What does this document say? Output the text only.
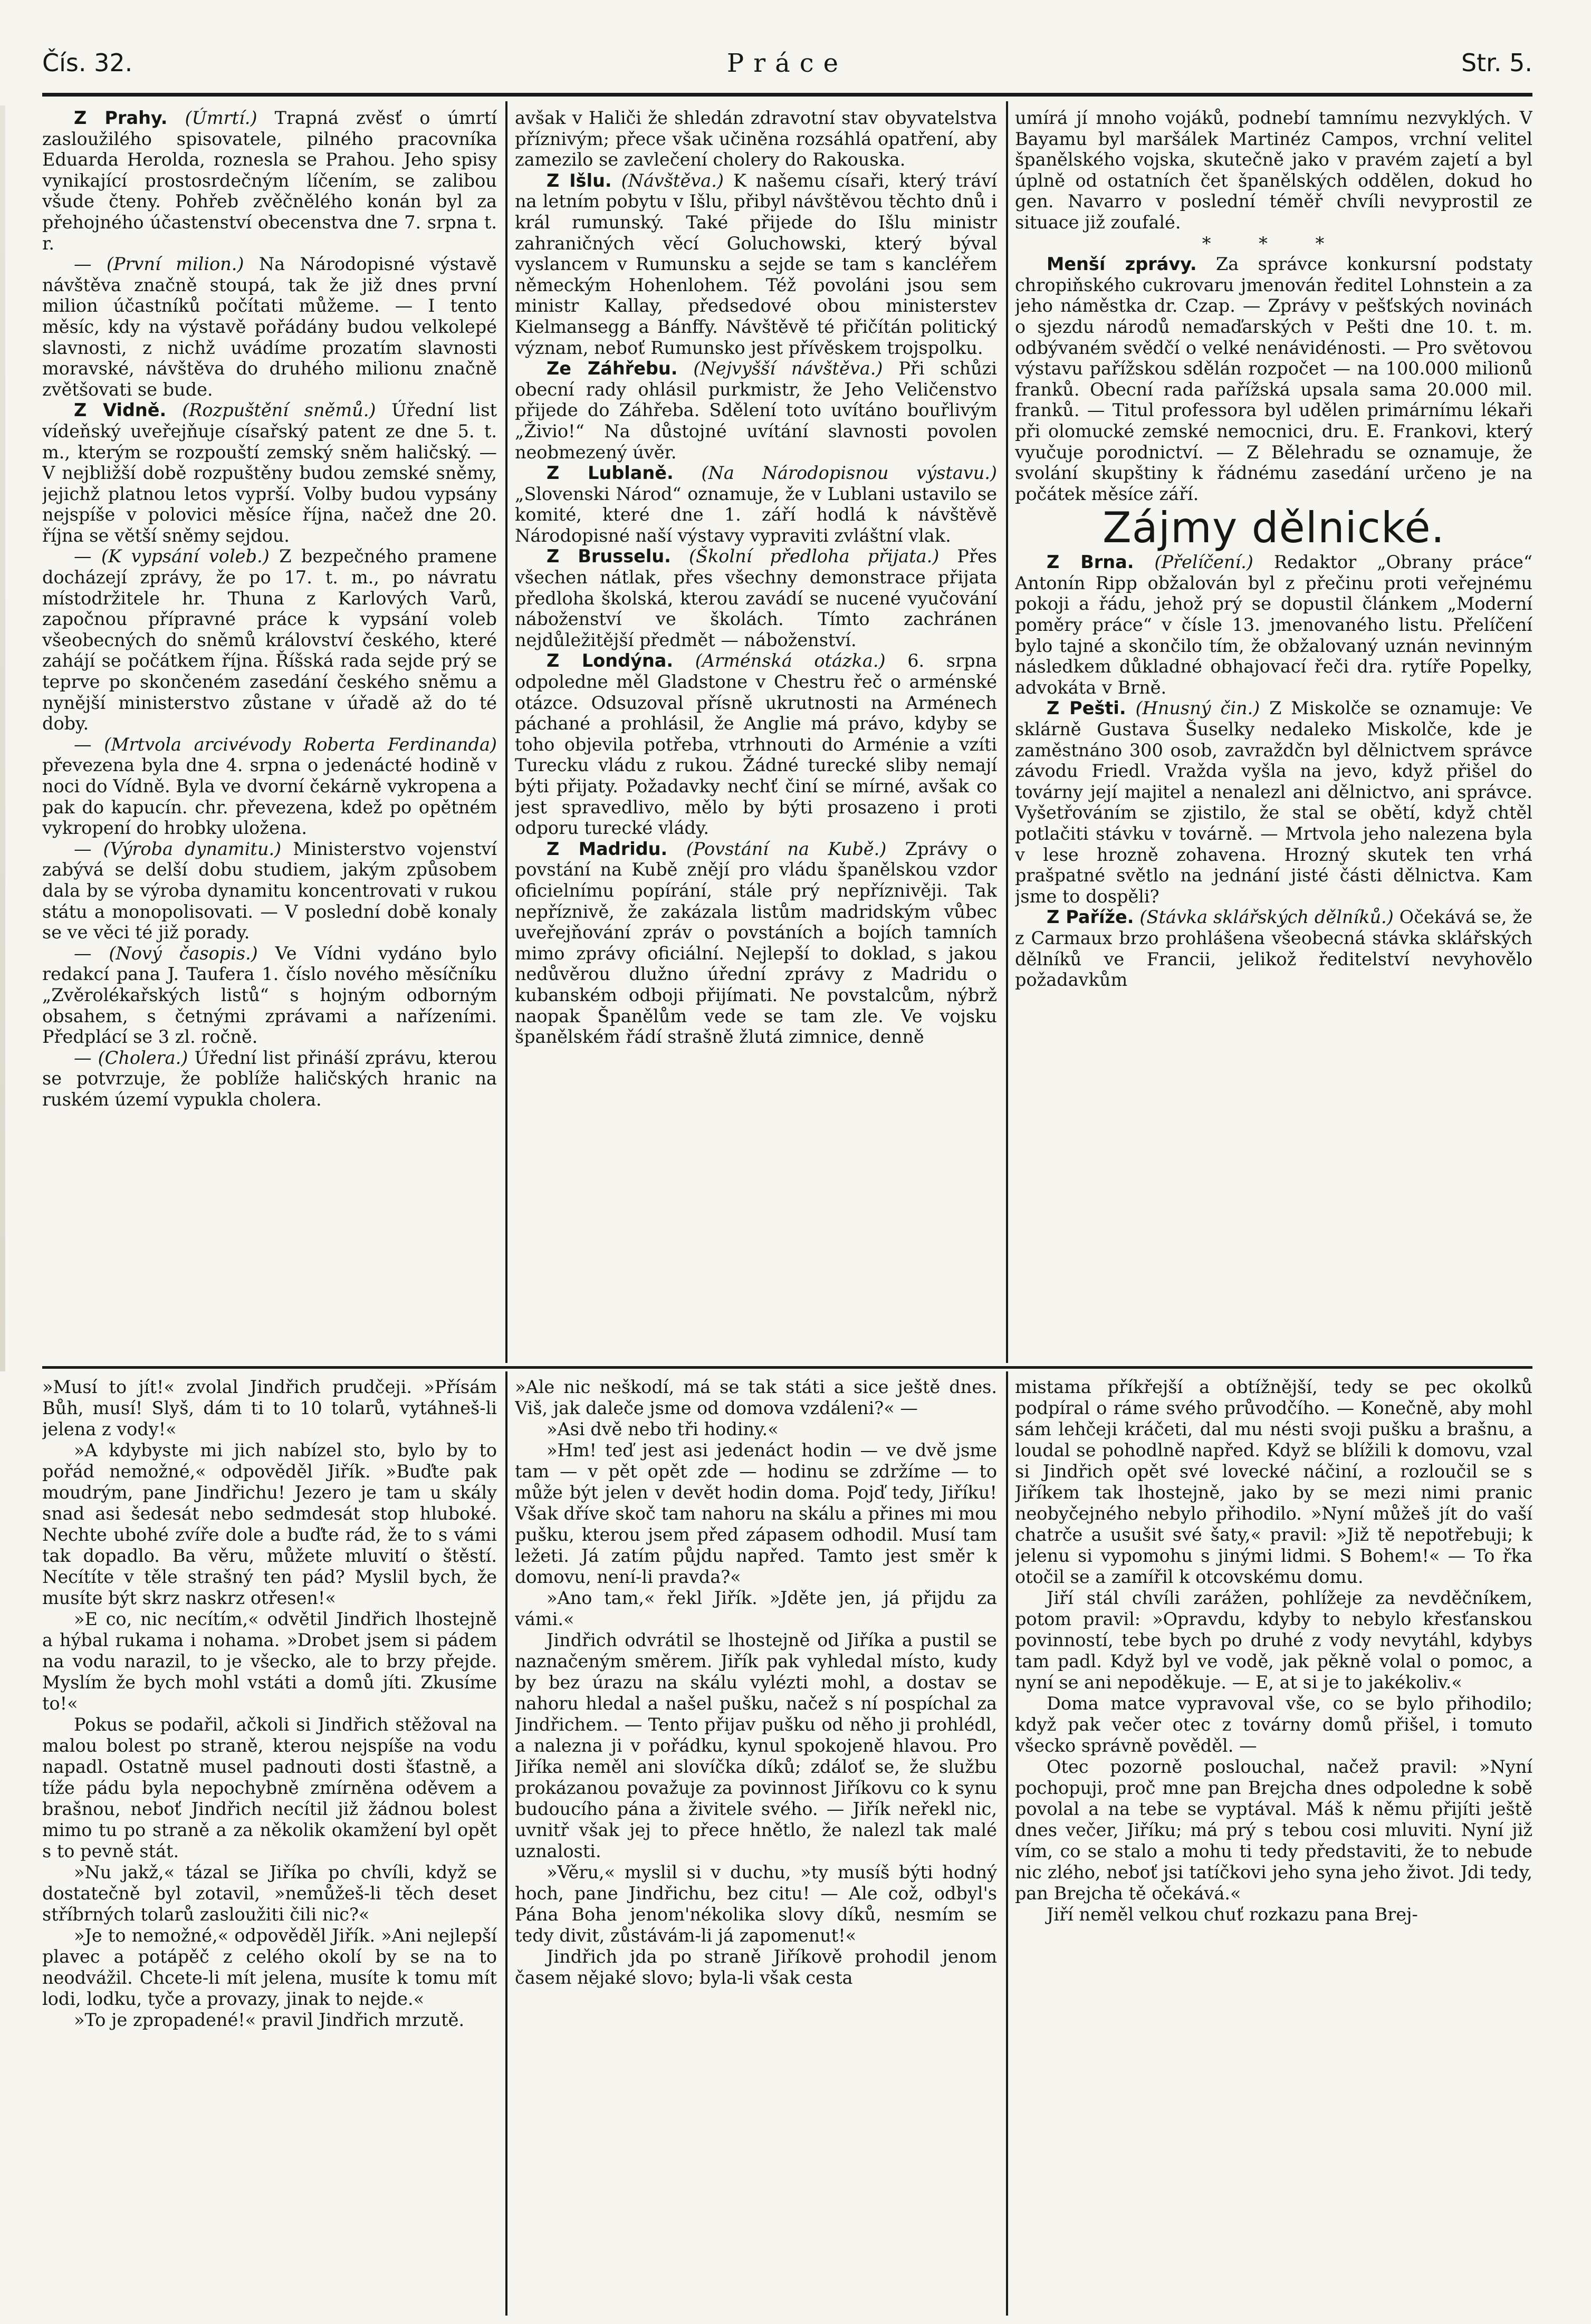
Čís. 32.	Práce	Str. 5.

Z Prahy. (Úmrtí.) Trapná zvěsť o úmrtí zasloužilého spisovatele, pilného pracovníka Eduarda Herolda, roznesla se Prahou. Jeho spisy vynikající prostosrdečným líčením, se zalibou všude čteny. Pohřeb zvěčnělého konán byl za přehojného účastenství obecenstva dne 7. srpna t. r.

— (První milion.) Na Národopisné výstavě návštěva značně stoupá, tak že již dnes první milion účastníků počítati můžeme. — I tento měsíc, kdy na výstavě pořádány budou velkolepé slavnosti, z nichž uvádíme prozatím slavnosti moravské, návštěva do druhého milionu značně zvětšovati se bude.

Z Vidně. (Rozpuštění sněmů.) Úřední list vídeňský uveřejňuje císařský patent ze dne 5. t. m., kterým se rozpouští zemský sněm haličský. — V nejbližší době rozpuštěny budou zemské sněmy, jejichž platnou letos vyprší. Volby budou vypsány nejspíše v polovici měsíce října, načež dne 20. října se větší sněmy sejdou.

— (K vypsání voleb.) Z bezpečného pramene docházejí zprávy, že po 17. t. m., po návratu místodržitele hr. Thuna z Karlových Varů, započnou přípravné práce k vypsání voleb všeobecných do sněmů království českého, které zahájí se počátkem října. Říšská rada sejde prý se teprve po skončeném zasedání českého sněmu a nynější ministerstvo zůstane v úřadě až do té doby.

— (Mrtvola arcivévody Roberta Ferdinanda) převezena byla dne 4. srpna o jedenácté hodině v noci do Vídně. Byla ve dvorní čekárně vykropena a pak do kapucín. chr. převezena, kdež po opětném vykropení do hrobky uložena.

— (Výroba dynamitu.) Ministerstvo vojenství zabývá se delší dobu studiem, jakým způsobem dala by se výroba dynamitu koncentrovati v rukou státu a monopolisovati. — V poslední době konaly se ve věci té již porady.

— (Nový časopis.) Ve Vídni vydáno bylo redakcí pana J. Taufera 1. číslo nového měsíčníku „Zvěrolékařských listů“ s hojným odborným obsahem, s četnými zprávami a nařízeními. Předplácí se 3 zl. ročně.

— (Cholera.) Úřední list přináší zprávu, kterou se potvrzuje, že poblíže haličských hranic na ruském území vypukla cholera.

avšak v Haliči že shledán zdravotní stav obyvatelstva příznivým; přece však učiněna rozsáhlá opatření, aby zamezilo se zavlečení cholery do Rakouska.

Z Išlu. (Návštěva.) K našemu císaři, který tráví na letním pobytu v Išlu, přibyl návštěvou těchto dnů i král rumunský. Také přijede do Išlu ministr zahraničných věcí Goluchowski, který býval vyslancem v Rumunsku a sejde se tam s kancléřem německým Hohenlohem. Též povoláni jsou sem ministr Kallay, předsedové obou ministerstev Kielmansegg a Bánffy. Návštěvě té přičítán politický význam, neboť Rumunsko jest přívěskem trojspolku.

Ze Záhřebu. (Nejvyšší návštěva.) Při schůzi obecní rady ohlásil purkmistr, že Jeho Veličenstvo přijede do Záhřeba. Sdělení toto uvítáno bouřlivým „Živio!“ Na důstojné uvítání slavnosti povolen neobmezený úvěr.

Z Lublaně. (Na Národopisnou výstavu.) „Slovenski Národ“ oznamuje, že v Lublani ustavilo se komité, které dne 1. září hodlá k návštěvě Národopisné naší výstavy vypraviti zvláštní vlak.

Z Brusselu. (Školní předloha přijata.) Přes všechen nátlak, přes všechny demonstrace přijata předloha školská, kterou zavádí se nucené vyučování náboženství ve školách. Tímto zachránen nejdůležitější předmět — náboženství.

Z Londýna. (Arménská otázka.) 6. srpna odpoledne měl Gladstone v Chestru řeč o arménské otázce. Odsuzoval přísně ukrutnosti na Arménech páchané a prohlásil, že Anglie má právo, kdyby se toho objevila potřeba, vtrhnouti do Arménie a vzíti Turecku vládu z rukou. Žádné turecké sliby nemají býti přijaty. Požadavky nechť činí se mírné, avšak co jest spravedlivo, mělo by býti prosazeno i proti odporu turecké vlády.

Z Madridu. (Povstání na Kubě.) Zprávy o povstání na Kubě znějí pro vládu španělskou vzdor oficielnímu popírání, stále prý nepříznivěji. Tak nepříznivě, že zakázala listům madridským vůbec uveřejňování zpráv o povstáních a bojích tamních mimo zprávy oficiální. Nejlepší to doklad, s jakou nedůvěrou dlužno úřední zprávy z Madridu o kubanském odboji přijímati. Ne povstalcům, nýbrž naopak Španělům vede se tam zle. Ve vojsku španělském řádí strašně žlutá zimnice, denně

umírá jí mnoho vojáků, podnebí tamnímu nezvyklých. V Bayamu byl maršálek Martinéz Campos, vrchní velitel španělského vojska, skutečně jako v pravém zajetí a byl úplně od ostatních čet španělských oddělen, dokud ho gen. Navarro v poslední téměř chvíli nevyprostil ze situace již zoufalé.

* * *

Menší zprávy. Za správce konkursní podstaty chropiňského cukrovaru jmenován ředitel Lohnstein a za jeho náměstka dr. Czap. — Zprávy v pešťských novinách o sjezdu národů nemaďarských v Pešti dne 10. t. m. odbývaném svědčí o velké nenávidénosti. — Pro světovou výstavu pařížskou sdělán rozpočet — na 100.000 milionů franků. Obecní rada pařížská upsala sama 20.000 mil. franků. — Titul professora byl udělen primárnímu lékaři při olomucké zemské nemocnici, dru. E. Frankovi, který vyučuje porodnictví. — Z Bělehradu se oznamuje, že svolání skupštiny k řádnému zasedání určeno je na počátek měsíce září.

Zájmy dělnické.

Z Brna. (Přelíčení.) Redaktor „Obrany práce“ Antonín Ripp obžalován byl z přečinu proti veřejnému pokoji a řádu, jehož prý se dopustil článkem „Moderní poměry práce“ v čísle 13. jmenovaného listu. Přelíčení bylo tajné a skončilo tím, že obžalovaný uznán nevinným následkem důkladné obhajovací řeči dra. rytíře Popelky, advokáta v Brně.

Z Pešti. (Hnusný čin.) Z Miskolče se oznamuje: Ve sklárně Gustava Šuselky nedaleko Miskolče, kde je zaměstnáno 300 osob, zavraždčn byl dělnictvem správce závodu Friedl. Vražda vyšla na jevo, když přišel do továrny její majitel a nenalezl ani dělnictvo, ani správce. Vyšetřováním se zjistilo, že stal se obětí, když chtěl potlačiti stávku v továrně. — Mrtvola jeho nalezena byla v lese hrozně zohavena. Hrozný skutek ten vrhá prašpatné světlo na jednání jisté části dělnictva. Kam jsme to dospěli?

Z Paříže. (Stávka sklářských dělníků.) Očekává se, že z Carmaux brzo prohlášena všeobecná stávka sklářských dělníků ve Francii, jelikož ředitelství nevyhovělo požadavkům

»Musí to jít!« zvolal Jindřich prudčeji. »Přísám Bůh, musí! Slyš, dám ti to 10 tolarů, vytáhneš-li jelena z vody!«

»A kdybyste mi jich nabízel sto, bylo by to pořád nemožné,« odpověděl Jiřík. »Buďte pak moudrým, pane Jindřichu! Jezero je tam u skály snad asi šedesát nebo sedmdesát stop hluboké. Nechte ubohé zvíře dole a buďte rád, že to s vámi tak dopadlo. Ba věru, můžete mluvití o štěstí. Necítíte v těle strašný ten pád? Myslil bych, že musíte být skrz naskrz otřesen!«

»E co, nic necítím,« odvětil Jindřich lhostejně a hýbal rukama i nohama. »Drobet jsem si pádem na vodu narazil, to je všecko, ale to brzy přejde. Myslím že bych mohl vstáti a domů jíti. Zkusíme to!«

Pokus se podařil, ačkoli si Jindřich stěžoval na malou bolest po straně, kterou nejspíše na vodu napadl. Ostatně musel padnouti dosti šťastně, a tíže pádu byla nepochybně zmírněna odě​vem a brašnou, neboť Jindřich necítil již žádnou bolest mimo tu po straně a za několik okamžení byl opět s to pevně stát.

»Nu jakž,« tázal se Jiříka po chvíli, když se dostatečně byl zotavil, »nemůžeš-li těch deset stříbrných tolarů zasloužiti čili nic?«

»Je to nemožné,« odpověděl Jiřík. »Ani nejlepší plavec a potápěč z celého okolí by se na to neodvážil. Chcete-li mít jelena, musíte k tomu mít lodi, lodku, tyče a provazy, jinak to nejde.«

»To je zpropadené!« pravil Jindřich mrzutě.

»Ale nic neškodí, má se tak státi a sice ještě dnes. Viš, jak daleče jsme od domova vzdáleni?« —

»Asi dvě nebo tři hodiny.«

»Hm! teď jest asi jedenáct hodin — ve dvě jsme tam — v pět opět zde — hodinu se zdržíme — to může být jelen v devět hodin doma. Pojď tedy, Jiříku! Však dříve skoč tam nahoru na skálu a přines mi mou pušku, kterou jsem před zápasem odhodil. Musí tam ležeti. Já zatím půjdu napřed. Tamto jest směr k domovu, není-li pravda?«

»Ano tam,« řekl Jiřík. »Jděte jen, já přijdu za vámi.«

Jindřich odvrátil se lhostejně od Jiříka a pustil se naznačeným směrem. Jiřík pak vyhledal místo, kudy by bez úrazu na skálu vylézti mohl, a dostav se nahoru hledal a našel pušku, načež s ní pospíchal za Jindřichem. — Tento přijav pušku od něho ji prohlédl, a nalezna ji v pořádku, kynul spokojeně hlavou. Pro Jiříka neměl ani slovíčka díků; zdáloť se, že službu prokázanou považuje za povinnost Jiříkovu co k synu budoucího pána a živitele svého. — Jiřík neřekl nic, uvnitř však jej to přece hnětlo, že nalezl tak malé uznalosti.

»Věru,« myslil si v duchu, »ty musíš býti hodný hoch, pane Jindřichu, bez citu! — Ale což, odbyl's Pána Boha jenom'nékolika slovy díků, nesmím se tedy divit, zůstávám-li já zapomenut!«

Jindřich jda po straně Jiříkově prohodil jenom časem nějaké slovo; byla-li však cesta

mistama příkřejší a obtížnější, tedy se pec okolků podpíral o ráme svého průvodčího. — Konečně, aby mohl sám lehčeji kráčeti, dal mu nésti svoji pušku a brašnu, a loudal se pohodlně napřed. Když se blížili k domovu, vzal si Jindřich opět své lovecké náčiní, a rozloučil se s Jiříkem tak lhostejně, jako by se mezi nimi pranic neobyčejného nebylo přihodilo. »Nyní můžeš jít do vaší chatrče a usušit své šaty,« pravil: »Již tě nepotřebuji; k jelenu si vypomohu s jinými lidmi. S Bohem!« — To řka otočil se a zamířil k otcovskému domu.

Jiří stál chvíli zarážen, pohlížeje za nevděčníkem, potom pravil: »Opravdu, kdyby to nebylo křesťanskou povinností, tebe bych po druhé z vody nevytáhl, kdybys tam padl. Když byl ve vodě, jak pěkně volal o pomoc, a nyní se ani nepoděkuje. — E, at si je to jakékoliv.«

Doma matce vypravoval vše, co se bylo přihodilo; když pak večer otec z továrny domů přišel, i tomuto všecko správně pověděl. —

Otec pozorně poslouchal, načež pravil: »Nyní pochopuji, proč mne pan Brejcha dnes odpoledne k sobě povolal a na tebe se vyptával. Máš k němu přijíti ještě dnes večer, Jiříku; má prý s tebou cosi mluviti. Nyní již vím, co se stalo a mohu ti tedy představiti, že to nebude nic zlého, neboť jsi tatíčkovi jeho syna jeho život. Jdi tedy, pan Brejcha tě očekává.«

Jiří neměl velkou chuť rozkazu pana Brej-
